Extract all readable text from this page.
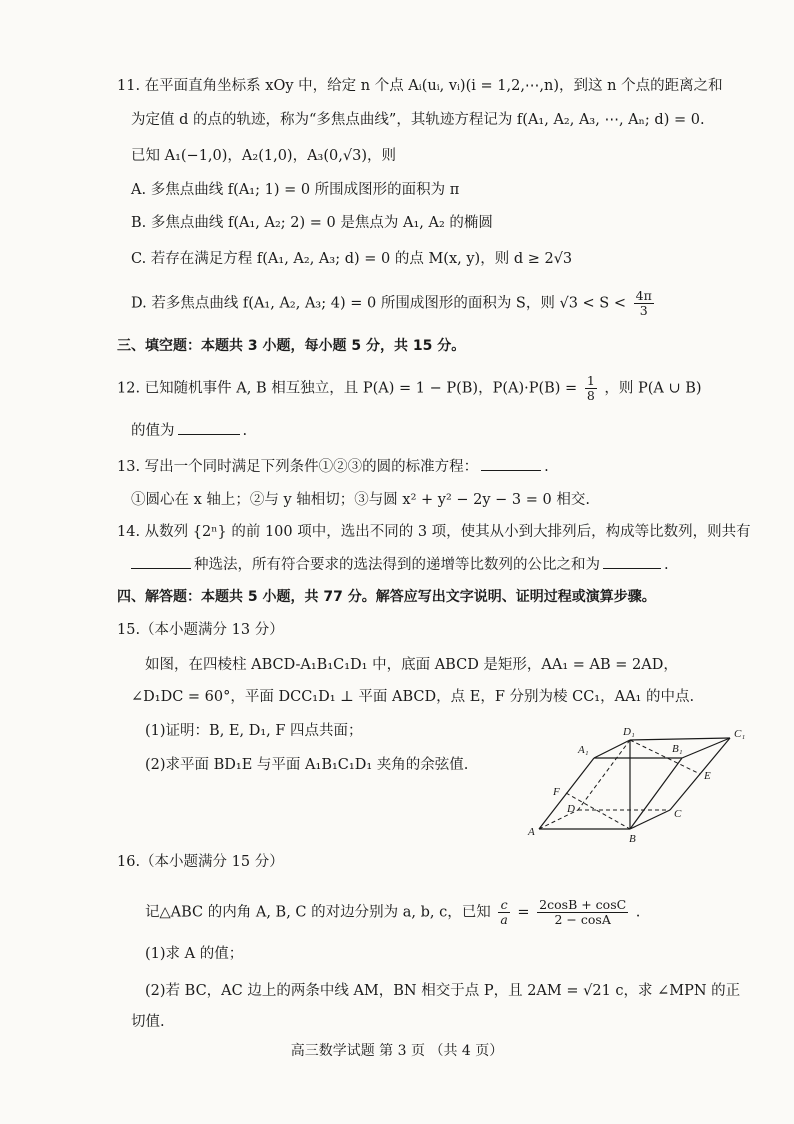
11. 在平面直角坐标系 xOy 中，给定 n 个点 Aᵢ(uᵢ, vᵢ)(i = 1,2,⋯,n)，到这 n 个点的距离之和
为定值 d 的点的轨迹，称为“多焦点曲线”，其轨迹方程记为 f(A₁, A₂, A₃, ⋯, Aₙ; d) = 0.
已知 A₁(−1,0)，A₂(1,0)，A₃(0,√3)，则
A. 多焦点曲线 f(A₁; 1) = 0 所围成图形的面积为 π
B. 多焦点曲线 f(A₁, A₂; 2) = 0 是焦点为 A₁, A₂ 的椭圆
C. 若存在满足方程 f(A₁, A₂, A₃; d) = 0 的点 M(x, y)，则 d ≥ 2√3
D. 若多焦点曲线 f(A₁, A₂, A₃; 4) = 0 所围成图形的面积为 S，则 $√3 < S < \frac{4\pi}{3}$
三、填空题：本题共 3 小题，每小题 5 分，共 15 分。
12. 已知随机事件 A, B 相互独立，且 P(A) = 1 − P(B)，$P(A)\cdot P(B) = \frac{1}{8}$ ，则 P(A ∪ B)
的值为	.
13. 写出一个同时满足下列条件①②③的圆的标准方程：	.
①圆心在 x 轴上；②与 y 轴相切；③与圆 x² + y² − 2y − 3 = 0 相交.
14. 从数列 {2ⁿ} 的前 100 项中，选出不同的 3 项，使其从小到大排列后，构成等比数列，则共有
种选法，所有符合要求的选法得到的递增等比数列的公比之和为	.
四、解答题：本题共 5 小题，共 77 分。解答应写出文字说明、证明过程或演算步骤。
15.（本小题满分 13 分）
如图，在四棱柱 ABCD-A₁B₁C₁D₁ 中，底面 ABCD 是矩形，AA₁ = AB = 2AD，
∠D₁DC = 60°，平面 DCC₁D₁ ⊥ 平面 ABCD，点 E，F 分别为棱 CC₁，AA₁ 的中点.
(1)证明：B, E, D₁, F 四点共面；
(2)求平面 BD₁E 与平面 A₁B₁C₁D₁ 夹角的余弦值.
D₁	C₁
A₁	B₁
E
F
D	C
A
B
16.（本小题满分 15 分）
记△ABC 的内角 A, B, C 的对边分别为 a, b, c，已知 $\frac{c}{a} = \frac{2\cos B + \cos C}{2 - \cos A}$ .
(1)求 A 的值；
(2)若 BC，AC 边上的两条中线 AM，BN 相交于点 P，且 2AM = √21 c，求 ∠MPN 的正
切值.
高三数学试题 第 3 页 （共 4 页）
